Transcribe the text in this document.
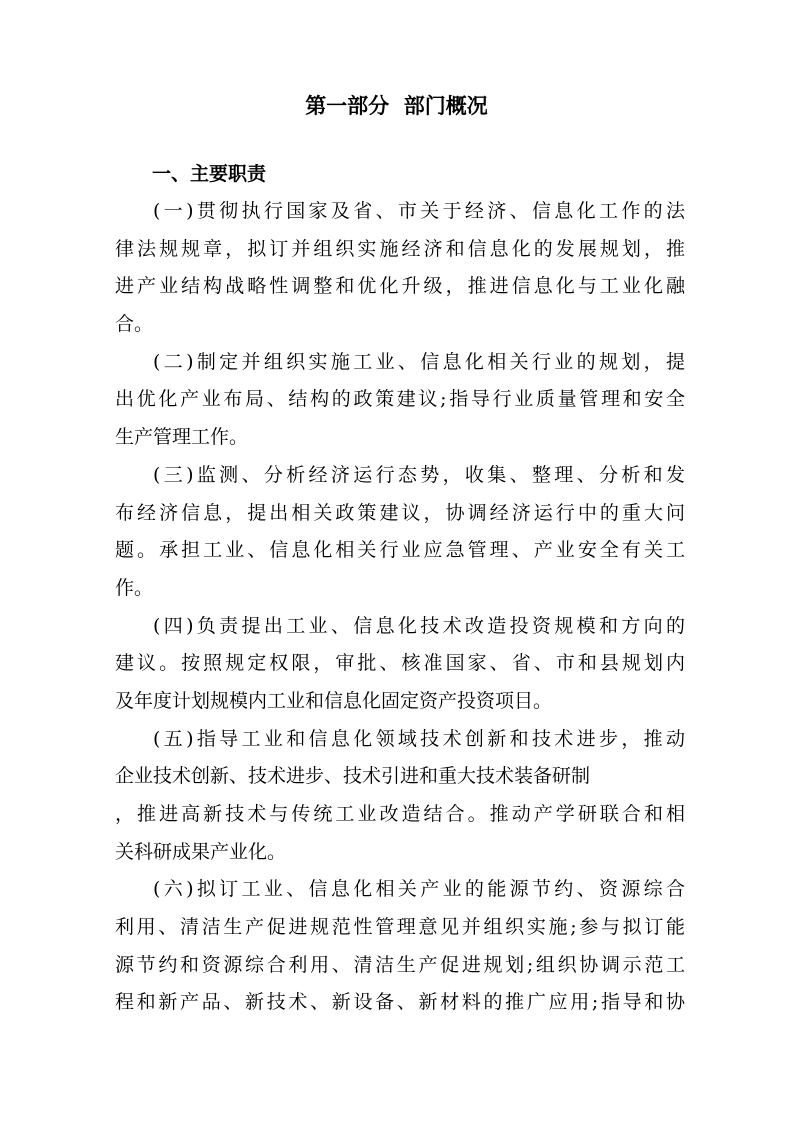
第一部分  部门概况
一、主要职责
(一)贯彻执行国家及省、市关于经济、信息化工作的法
律法规规章，拟订并组织实施经济和信息化的发展规划，推
进产业结构战略性调整和优化升级，推进信息化与工业化融
合。
(二)制定并组织实施工业、信息化相关行业的规划，提
出优化产业布局、结构的政策建议;指导行业质量管理和安全
生产管理工作。
(三)监测、分析经济运行态势，收集、整理、分析和发
布经济信息，提出相关政策建议，协调经济运行中的重大问
题。承担工业、信息化相关行业应急管理、产业安全有关工
作。
(四)负责提出工业、信息化技术改造投资规模和方向的
建议。按照规定权限，审批、核准国家、省、市和县规划内
及年度计划规模内工业和信息化固定资产投资项目。
(五)指导工业和信息化领域技术创新和技术进步，推动
企业技术创新、技术进步、技术引进和重大技术装备研制
，推进高新技术与传统工业改造结合。推动产学研联合和相
关科研成果产业化。
(六)拟订工业、信息化相关产业的能源节约、资源综合
利用、清洁生产促进规范性管理意见并组织实施;参与拟订能
源节约和资源综合利用、清洁生产促进规划;组织协调示范工
程和新产品、新技术、新设备、新材料的推广应用;指导和协
